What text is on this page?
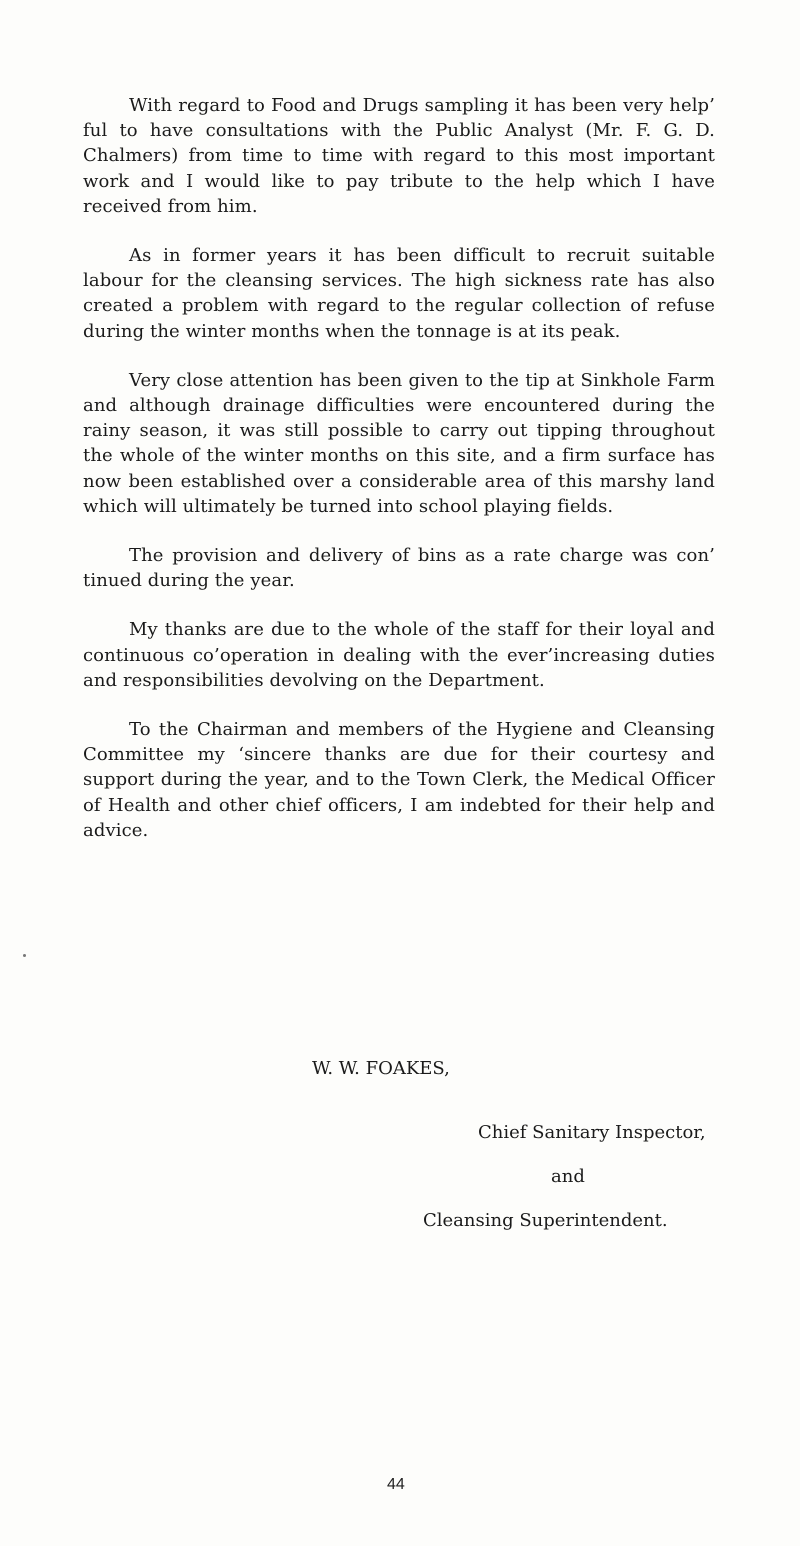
With regard to Food and Drugs sampling it has been very help’ ful to have consultations with the Public Analyst (Mr. F. G. D. Chalmers) from time to time with regard to this most important work and I would like to pay tribute to the help which I have received from him.

As in former years it has been difficult to recruit suitable labour for the cleansing services. The high sickness rate has also created a problem with regard to the regular collection of refuse during the winter months when the tonnage is at its peak.

Very close attention has been given to the tip at Sinkhole Farm and although drainage difficulties were encountered during the rainy season, it was still possible to carry out tipping throughout the whole of the winter months on this site, and a firm surface has now been established over a considerable area of this marshy land which will ultimately be turned into school playing fields.

The provision and delivery of bins as a rate charge was con’ tinued during the year.

My thanks are due to the whole of the staff for their loyal and continuous co’operation in dealing with the ever’increasing duties and responsibilities devolving on the Department.

To the Chairman and members of the Hygiene and Cleansing Committee my ‘sincere thanks are due for their courtesy and support during the year, and to the Town Clerk, the Medical Officer of Health and other chief officers, I am indebted for their help and advice.

W. W. FOAKES,
Chief Sanitary Inspector,
and
Cleansing Superintendent.
44
